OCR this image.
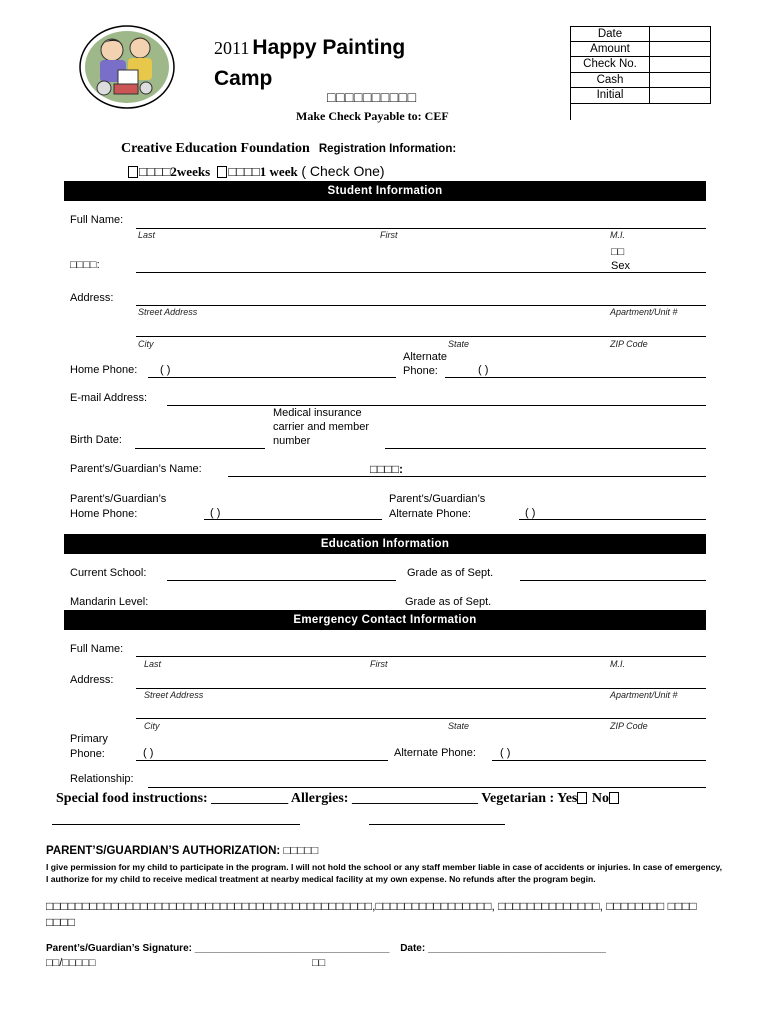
2011 Happy Painting
Camp
□□□□□□□□□□
Make Check Payable to: CEF
Date
Amount
Check No.
Cash
Initial
Creative Education Foundation Registration Information:
□□□□2weeks □□□□1 week ( Check One)
Student Information
Full Name:
Last	First	M.I.
□□
□□□□:	Sex
Address:
Street Address	Apartment/Unit #
City	State	ZIP Code
Home Phone: ( )
Alternate
Phone:	( )
E-mail Address:
Medical insurance
carrier and member
number
Birth Date:
Parent’s/Guardian’s Name:	□□□□:
Parent’s/Guardian’s
Home Phone:	( )
Parent’s/Guardian’s
Alternate Phone:	( )
Education Information
Current School:	Grade as of Sept.
Mandarin Level:	Grade as of Sept.
Emergency Contact Information
Full Name:
Last	First	M.I.
Address:
Street Address	Apartment/Unit #
City	State	ZIP Code
Primary
Phone:	( )	Alternate Phone: ( )
Relationship:
Special food instructions: ___________ Allergies: __________________ Vegetarian : Yes No
PARENT’S/GUARDIAN’S AUTHORIZATION: □□□□□
I give permission for my child to participate in the program. I will not hold the school or any staff member liable in case of accidents or injuries. In case of emergency, I authorize for my child to receive medical treatment at nearby medical facility at my own expense. No refunds after the program begin.
□□□□□□□□□□□□□□□□□□□□□□□□□□□□□□□□□□□□□□□□□□□□□,□□□□□□□□□□□□□□□□, □□□□□□□□□□□□□□, □□□□□□□□ □□□□ □□□□
Parent’s/Guardian’s Signature: ___________________________________ Date: ________________________________
□□/□□□□□	□□
